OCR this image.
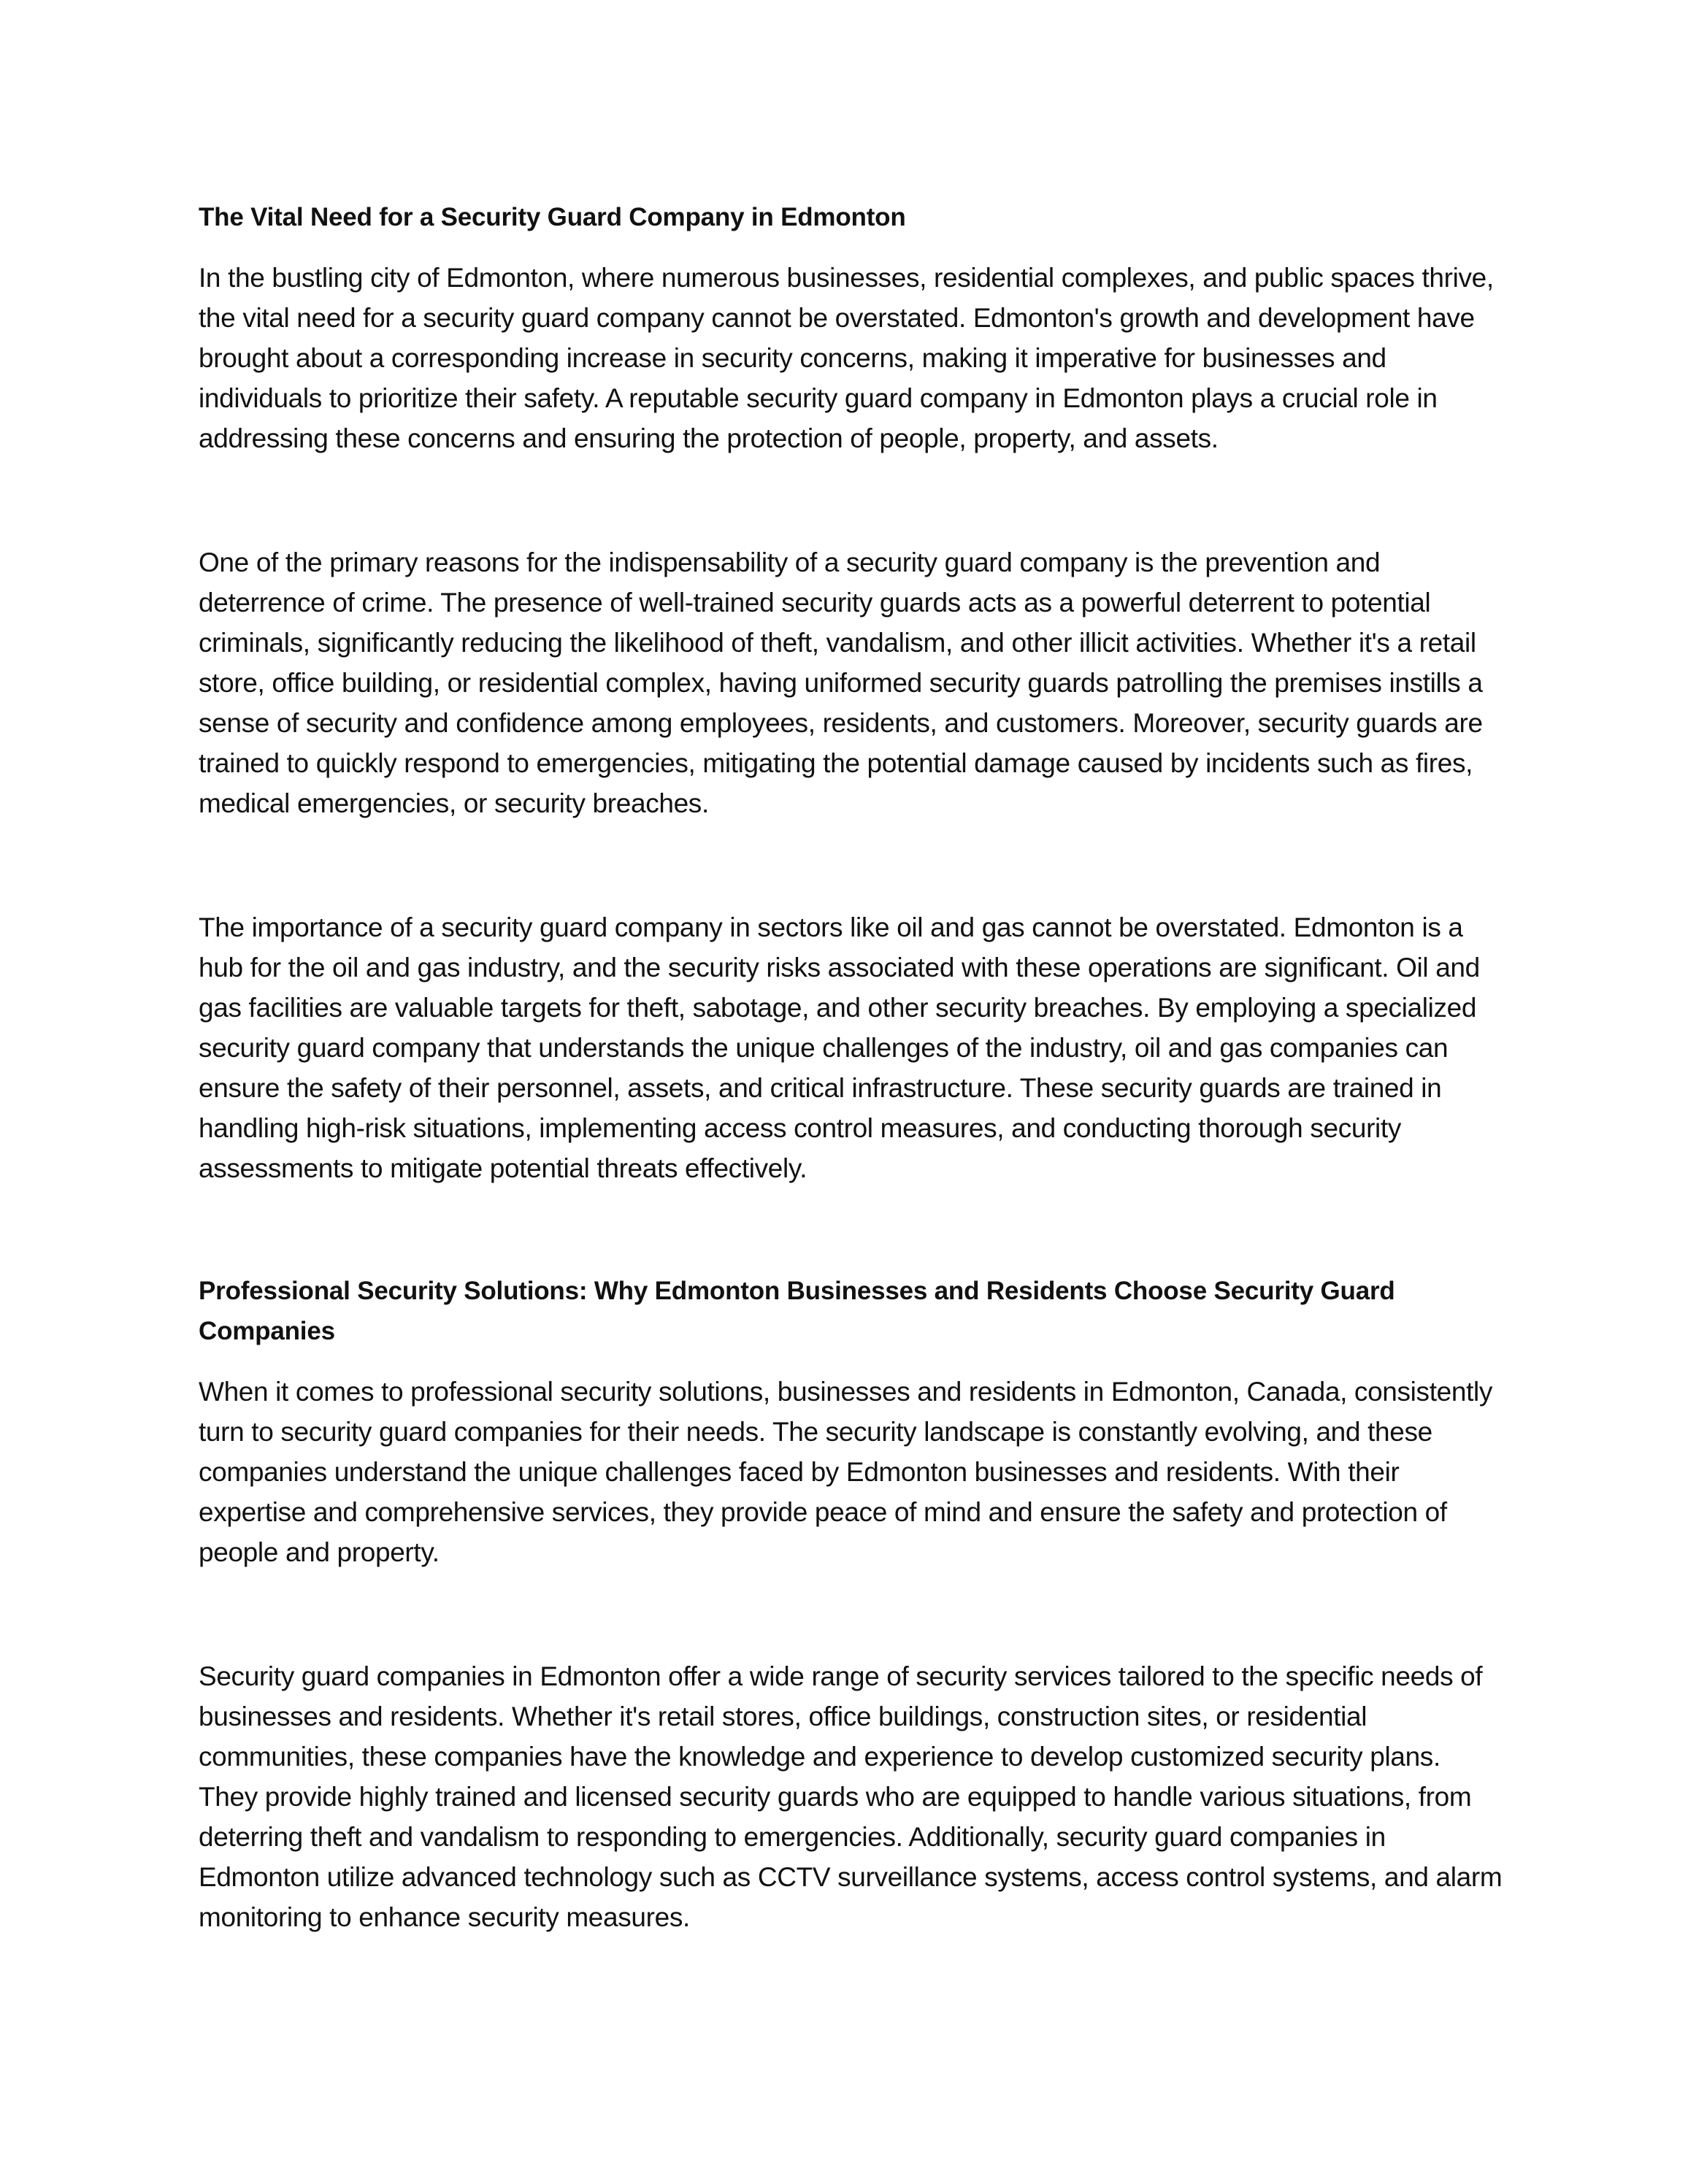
The Vital Need for a Security Guard Company in Edmonton

In the bustling city of Edmonton, where numerous businesses, residential complexes, and public spaces thrive, the vital need for a security guard company cannot be overstated. Edmonton's growth and development have brought about a corresponding increase in security concerns, making it imperative for businesses and individuals to prioritize their safety. A reputable security guard company in Edmonton plays a crucial role in addressing these concerns and ensuring the protection of people, property, and assets.

One of the primary reasons for the indispensability of a security guard company is the prevention and deterrence of crime. The presence of well-trained security guards acts as a powerful deterrent to potential criminals, significantly reducing the likelihood of theft, vandalism, and other illicit activities. Whether it's a retail store, office building, or residential complex, having uniformed security guards patrolling the premises instills a sense of security and confidence among employees, residents, and customers. Moreover, security guards are trained to quickly respond to emergencies, mitigating the potential damage caused by incidents such as fires, medical emergencies, or security breaches.

The importance of a security guard company in sectors like oil and gas cannot be overstated. Edmonton is a hub for the oil and gas industry, and the security risks associated with these operations are significant. Oil and gas facilities are valuable targets for theft, sabotage, and other security breaches. By employing a specialized security guard company that understands the unique challenges of the industry, oil and gas companies can ensure the safety of their personnel, assets, and critical infrastructure. These security guards are trained in handling high-risk situations, implementing access control measures, and conducting thorough security assessments to mitigate potential threats effectively.

Professional Security Solutions: Why Edmonton Businesses and Residents Choose Security Guard Companies

When it comes to professional security solutions, businesses and residents in Edmonton, Canada, consistently turn to security guard companies for their needs. The security landscape is constantly evolving, and these companies understand the unique challenges faced by Edmonton businesses and residents. With their expertise and comprehensive services, they provide peace of mind and ensure the safety and protection of people and property.

Security guard companies in Edmonton offer a wide range of security services tailored to the specific needs of businesses and residents. Whether it's retail stores, office buildings, construction sites, or residential communities, these companies have the knowledge and experience to develop customized security plans. They provide highly trained and licensed security guards who are equipped to handle various situations, from deterring theft and vandalism to responding to emergencies. Additionally, security guard companies in Edmonton utilize advanced technology such as CCTV surveillance systems, access control systems, and alarm monitoring to enhance security measures.
